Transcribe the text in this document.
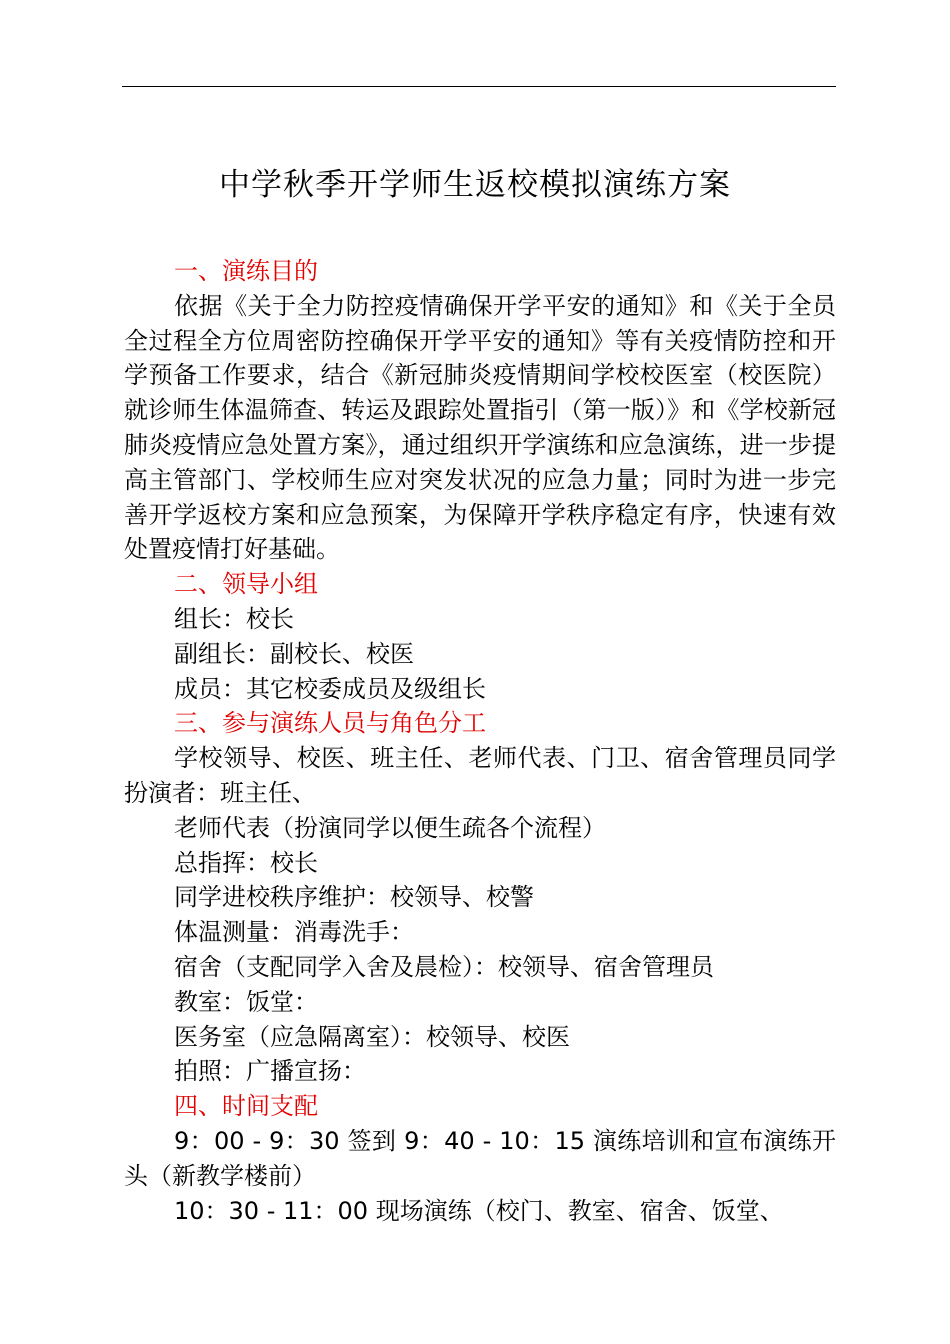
中学秋季开学师生返校模拟演练方案

一、演练目的

依据《关于全力防控疫情确保开学平安的通知》和《关于全员全过程全方位周密防控确保开学平安的通知》等有关疫情防控和开学预备工作要求，结合《新冠肺炎疫情期间学校校医室（校医院）就诊师生体温筛查、转运及跟踪处置指引（第一版）》和《学校新冠肺炎疫情应急处置方案》，通过组织开学演练和应急演练，进一步提高主管部门、学校师生应对突发状况的应急力量；同时为进一步完善开学返校方案和应急预案，为保障开学秩序稳定有序，快速有效处置疫情打好基础。

二、领导小组

组长：校长

副组长：副校长、校医

成员：其它校委成员及级组长

三、参与演练人员与角色分工

学校领导、校医、班主任、老师代表、门卫、宿舍管理员同学扮演者：班主任、

老师代表（扮演同学以便生疏各个流程）

总指挥：校长

同学进校秩序维护：校领导、校警

体温测量：消毒洗手：

宿舍（支配同学入舍及晨检）：校领导、宿舍管理员

教室：饭堂：

医务室（应急隔离室）：校领导、校医

拍照：广播宣扬：

四、时间支配

9：00 - 9：30 签到 9：40 - 10：15 演练培训和宣布演练开头（新教学楼前）

10：30 - 11：00 现场演练（校门、教室、宿舍、饭堂、
